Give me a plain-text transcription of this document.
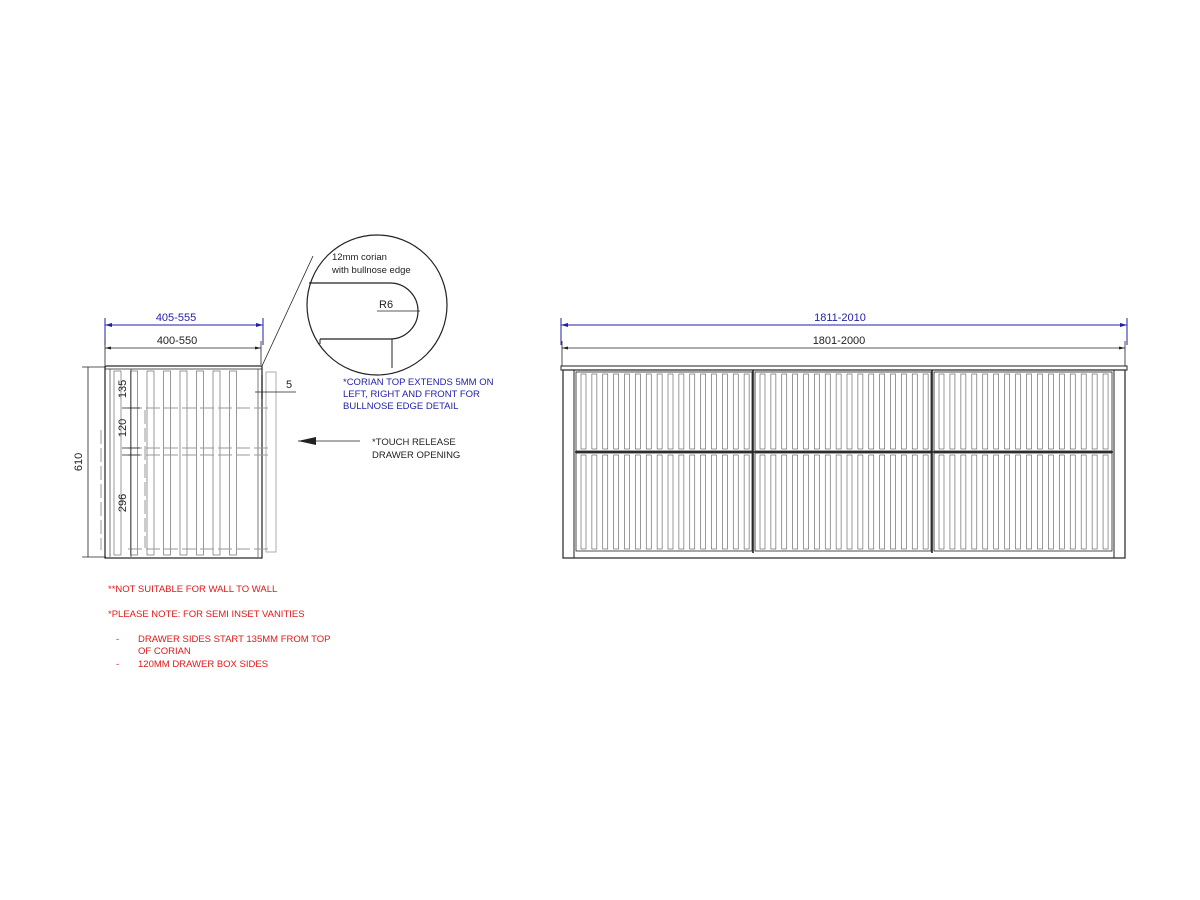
405-555
400-550
610
135
120
296
5
12mm corian
with bullnose edge
R6
*CORIAN TOP EXTENDS 5MM ON
LEFT, RIGHT AND FRONT FOR
BULLNOSE EDGE DETAIL
*TOUCH RELEASE
DRAWER OPENING
1811-2010
1801-2000
**NOT SUITABLE FOR WALL TO WALL
*PLEASE NOTE: FOR SEMI INSET VANITIES
- DRAWER SIDES START 135MM FROM TOP
OF CORIAN
- 120MM DRAWER BOX SIDES
